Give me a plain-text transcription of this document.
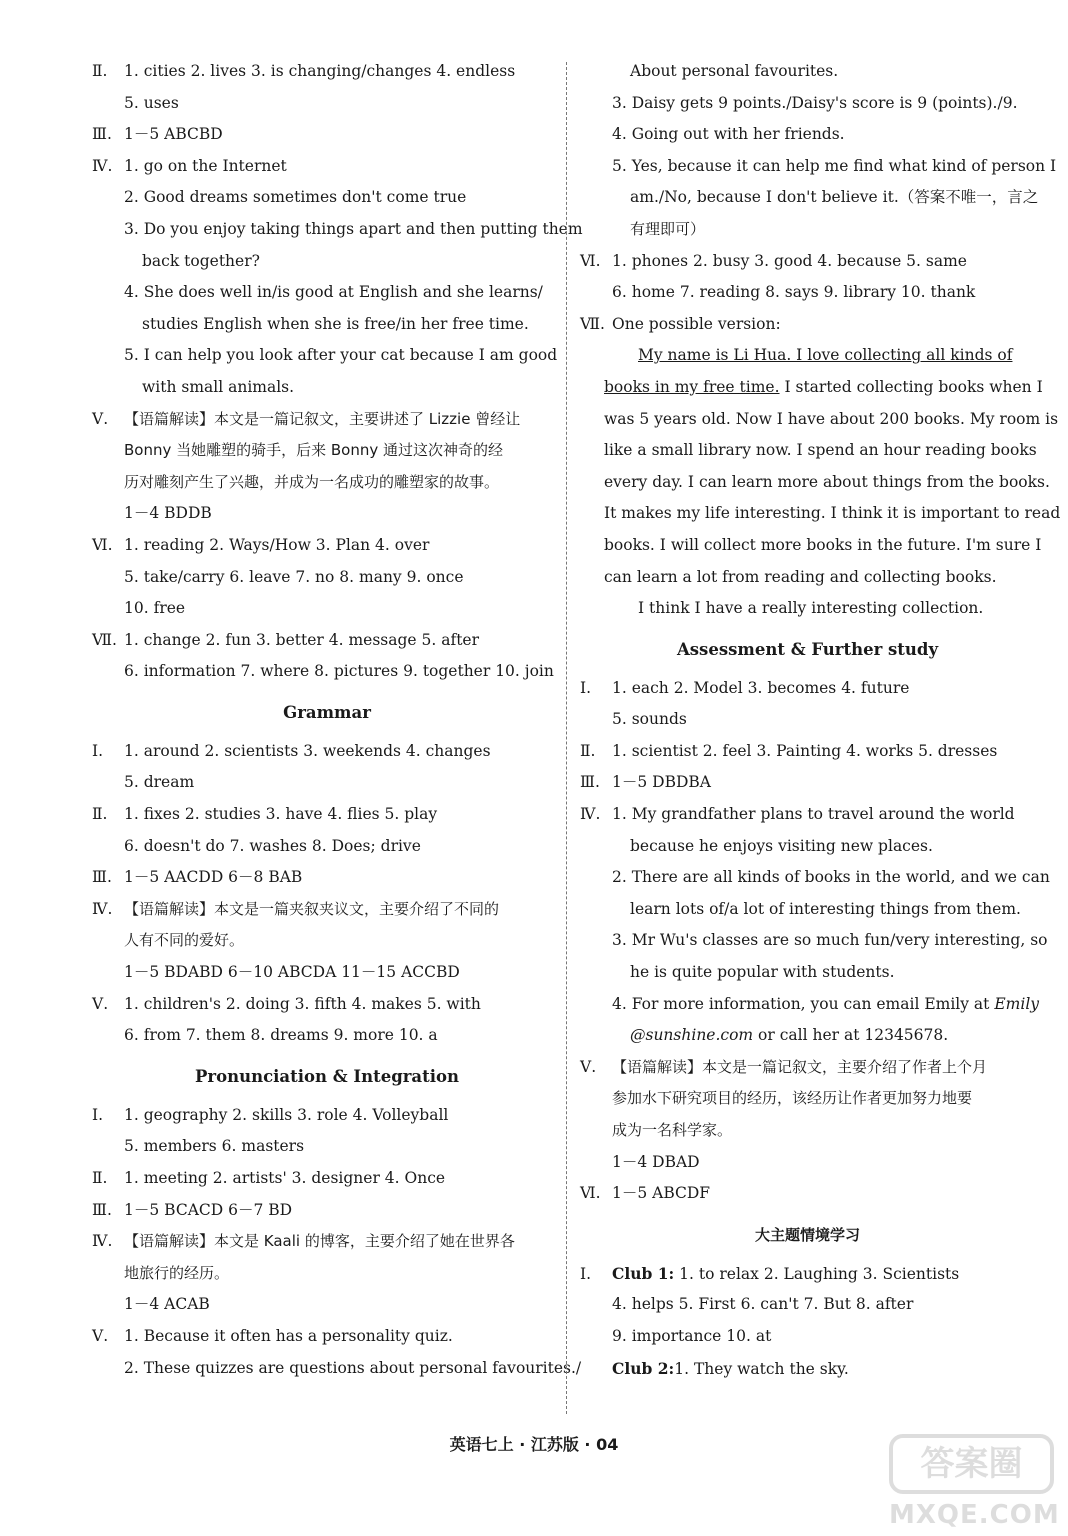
Ⅱ. 1. cities 2. lives 3. is changing/changes 4. endless
5. uses
Ⅲ. 1－5 ABCBD
Ⅳ. 1. go on the Internet
2. Good dreams sometimes don't come true
3. Do you enjoy taking things apart and then putting them
back together?
4. She does well in/is good at English and she learns/
studies English when she is free/in her free time.
5. I can help you look after your cat because I am good
with small animals.
Ⅴ. 【语篇解读】本文是一篇记叙文，主要讲述了 Lizzie 曾经让
Bonny 当她雕塑的骑手，后来 Bonny 通过这次神奇的经
历对雕刻产生了兴趣，并成为一名成功的雕塑家的故事。
1－4 BDDB
Ⅵ. 1. reading 2. Ways/How 3. Plan 4. over
5. take/carry 6. leave 7. no 8. many 9. once
10. free
Ⅶ. 1. change 2. fun 3. better 4. message 5. after
6. information 7. where 8. pictures 9. together 10. join
Grammar
Ⅰ. 1. around 2. scientists 3. weekends 4. changes
5. dream
Ⅱ. 1. fixes 2. studies 3. have 4. flies 5. play
6. doesn't do 7. washes 8. Does; drive
Ⅲ. 1－5 AACDD 6－8 BAB
Ⅳ. 【语篇解读】本文是一篇夹叙夹议文，主要介绍了不同的
人有不同的爱好。
1－5 BDABD 6－10 ABCDA 11－15 ACCBD
Ⅴ. 1. children's 2. doing 3. fifth 4. makes 5. with
6. from 7. them 8. dreams 9. more 10. a
Pronunciation & Integration
Ⅰ. 1. geography 2. skills 3. role 4. Volleyball
5. members 6. masters
Ⅱ. 1. meeting 2. artists' 3. designer 4. Once
Ⅲ. 1－5 BCACD 6－7 BD
Ⅳ. 【语篇解读】本文是 Kaali 的博客，主要介绍了她在世界各
地旅行的经历。
1－4 ACAB
Ⅴ. 1. Because it often has a personality quiz.
2. These quizzes are questions about personal favourites./
About personal favourites.
3. Daisy gets 9 points./Daisy's score is 9 (points)./9.
4. Going out with her friends.
5. Yes, because it can help me find what kind of person I
am./No, because I don't believe it.（答案不唯一，言之
有理即可）
Ⅵ. 1. phones 2. busy 3. good 4. because 5. same
6. home 7. reading 8. says 9. library 10. thank
Ⅶ. One possible version:
My name is Li Hua. I love collecting all kinds of
books in my free time. I started collecting books when I
was 5 years old. Now I have about 200 books. My room is
like a small library now. I spend an hour reading books
every day. I can learn more about things from the books.
It makes my life interesting. I think it is important to read
books. I will collect more books in the future. I'm sure I
can learn a lot from reading and collecting books.
I think I have a really interesting collection.
Assessment & Further study
Ⅰ. 1. each 2. Model 3. becomes 4. future
5. sounds
Ⅱ. 1. scientist 2. feel 3. Painting 4. works 5. dresses
Ⅲ. 1－5 DBDBA
Ⅳ. 1. My grandfather plans to travel around the world
because he enjoys visiting new places.
2. There are all kinds of books in the world, and we can
learn lots of/a lot of interesting things from them.
3. Mr Wu's classes are so much fun/very interesting, so
he is quite popular with students.
4. For more information, you can email Emily at Emily
@sunshine.com or call her at 12345678.
Ⅴ. 【语篇解读】本文是一篇记叙文，主要介绍了作者上个月
参加水下研究项目的经历，该经历让作者更加努力地要
成为一名科学家。
1－4 DBAD
Ⅵ. 1－5 ABCDF
大主题情境学习
Ⅰ. Club 1: 1. to relax 2. Laughing 3. Scientists
4. helps 5. First 6. can't 7. But 8. after
9. importance 10. at
Club 2:1. They watch the sky.
英语七上 · 江苏版 · 04	答案圈
MXQE.COM
